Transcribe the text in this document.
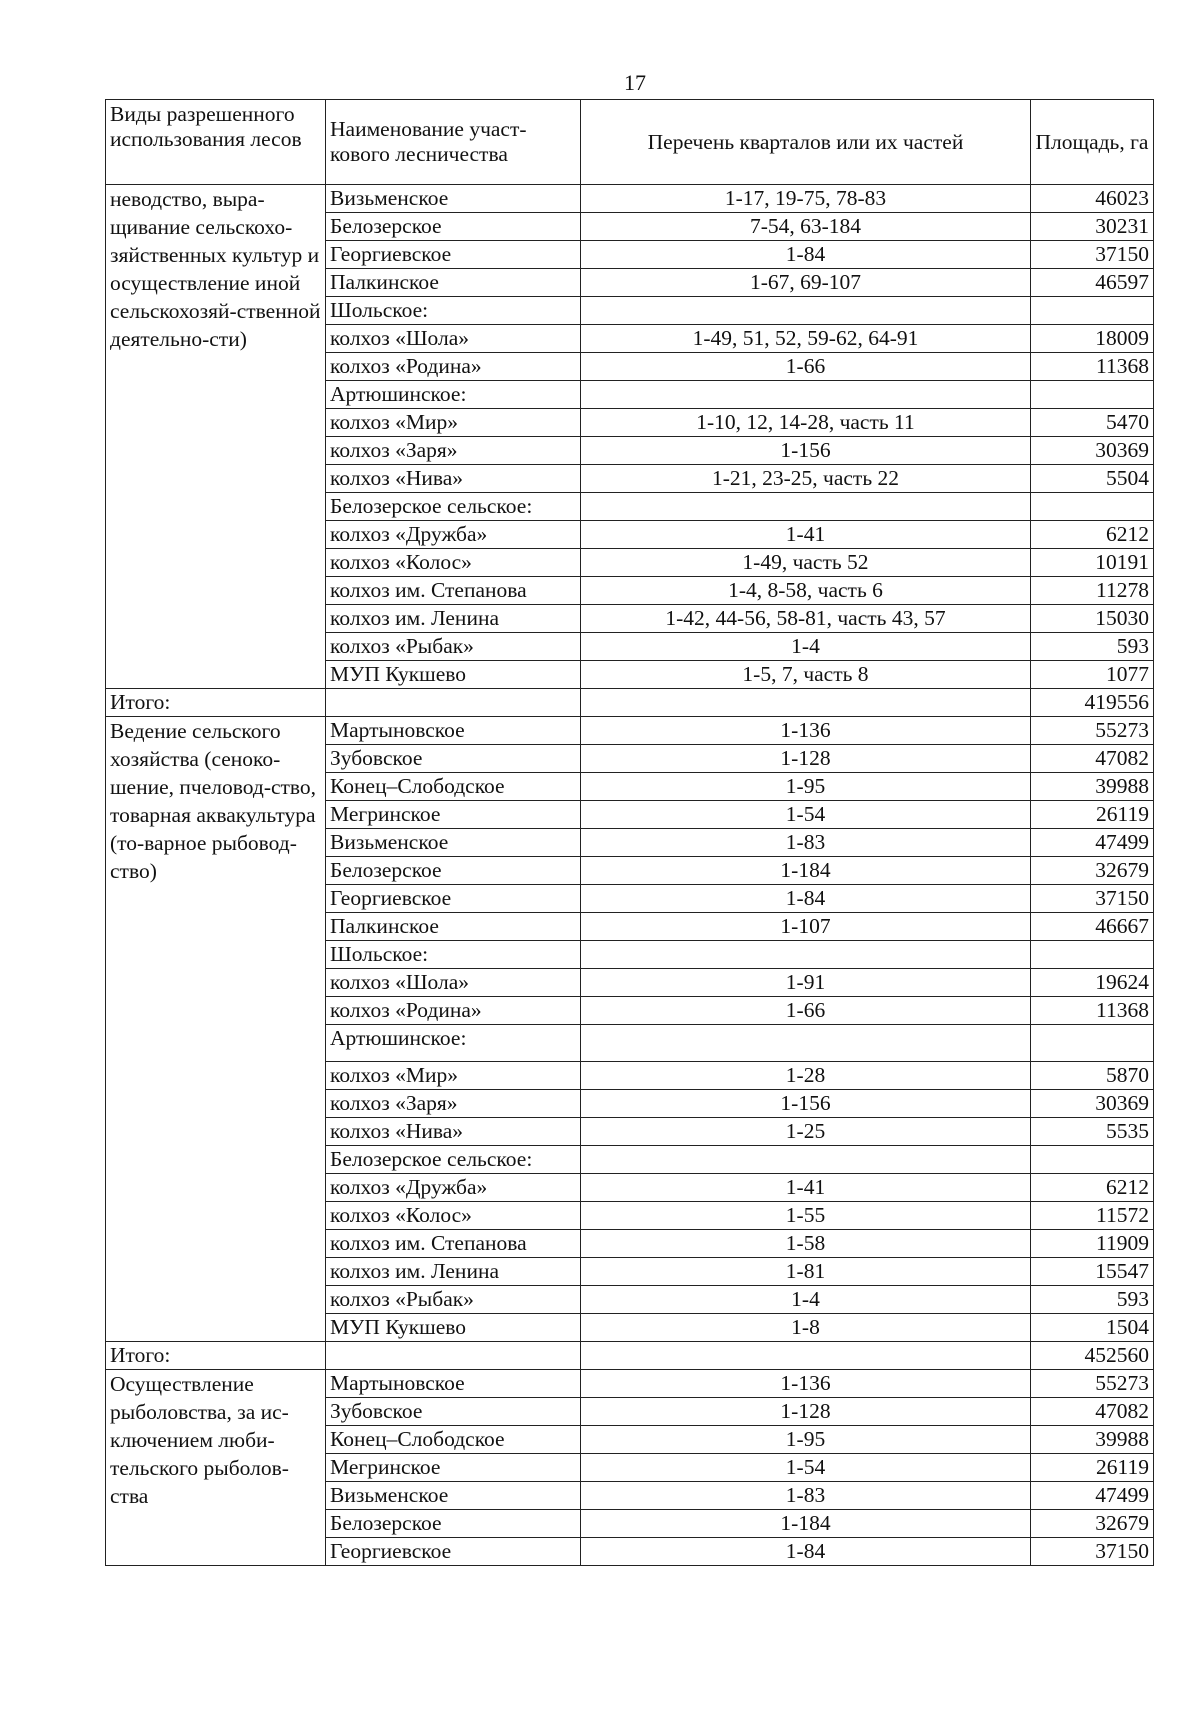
17
Виды разрешенного использования лесов	Наименование участ-кового лесничества	Перечень кварталов или их частей	Площадь, га
неводство, выра-щивание сельскохо-зяйственных культур и осуществление иной сельскохозяй-ственной деятельно-сти)	Визьменское	1-17, 19-75, 78-83	46023
	Белозерское	7-54, 63-184	30231
	Георгиевское	1-84	37150
	Палкинское	1-67, 69-107	46597
	Шольское:		
	колхоз «Шола»	1-49, 51, 52, 59-62, 64-91	18009
	колхоз «Родина»	1-66	11368
	Артюшинское:		
	колхоз «Мир»	1-10, 12, 14-28, часть 11	5470
	колхоз «Заря»	1-156	30369
	колхоз «Нива»	1-21, 23-25, часть 22	5504
	Белозерское сельское:		
	колхоз «Дружба»	1-41	6212
	колхоз «Колос»	1-49, часть 52	10191
	колхоз им. Степанова	1-4, 8-58, часть 6	11278
	колхоз им. Ленина	1-42, 44-56, 58-81, часть 43, 57	15030
	колхоз «Рыбак»	1-4	593
	МУП Кукшево	1-5, 7, часть 8	1077
Итого:			419556
Ведение сельского хозяйства (сеноко-шение, пчеловод-ство, товарная аквакультура (то-варное рыбовод-ство)	Мартыновское	1-136	55273
	Зубовское	1-128	47082
	Конец–Слободское	1-95	39988
	Мегринское	1-54	26119
	Визьменское	1-83	47499
	Белозерское	1-184	32679
	Георгиевское	1-84	37150
	Палкинское	1-107	46667
	Шольское:		
	колхоз «Шола»	1-91	19624
	колхоз «Родина»	1-66	11368
	Артюшинское:		
	колхоз «Мир»	1-28	5870
	колхоз «Заря»	1-156	30369
	колхоз «Нива»	1-25	5535
	Белозерское сельское:		
	колхоз «Дружба»	1-41	6212
	колхоз «Колос»	1-55	11572
	колхоз им. Степанова	1-58	11909
	колхоз им. Ленина	1-81	15547
	колхоз «Рыбак»	1-4	593
	МУП Кукшево	1-8	1504
Итого:			452560
Осуществление рыболовства, за ис-ключением люби-тельского рыболов-ства	Мартыновское	1-136	55273
	Зубовское	1-128	47082
	Конец–Слободское	1-95	39988
	Мегринское	1-54	26119
	Визьменское	1-83	47499
	Белозерское	1-184	32679
	Георгиевское	1-84	37150
